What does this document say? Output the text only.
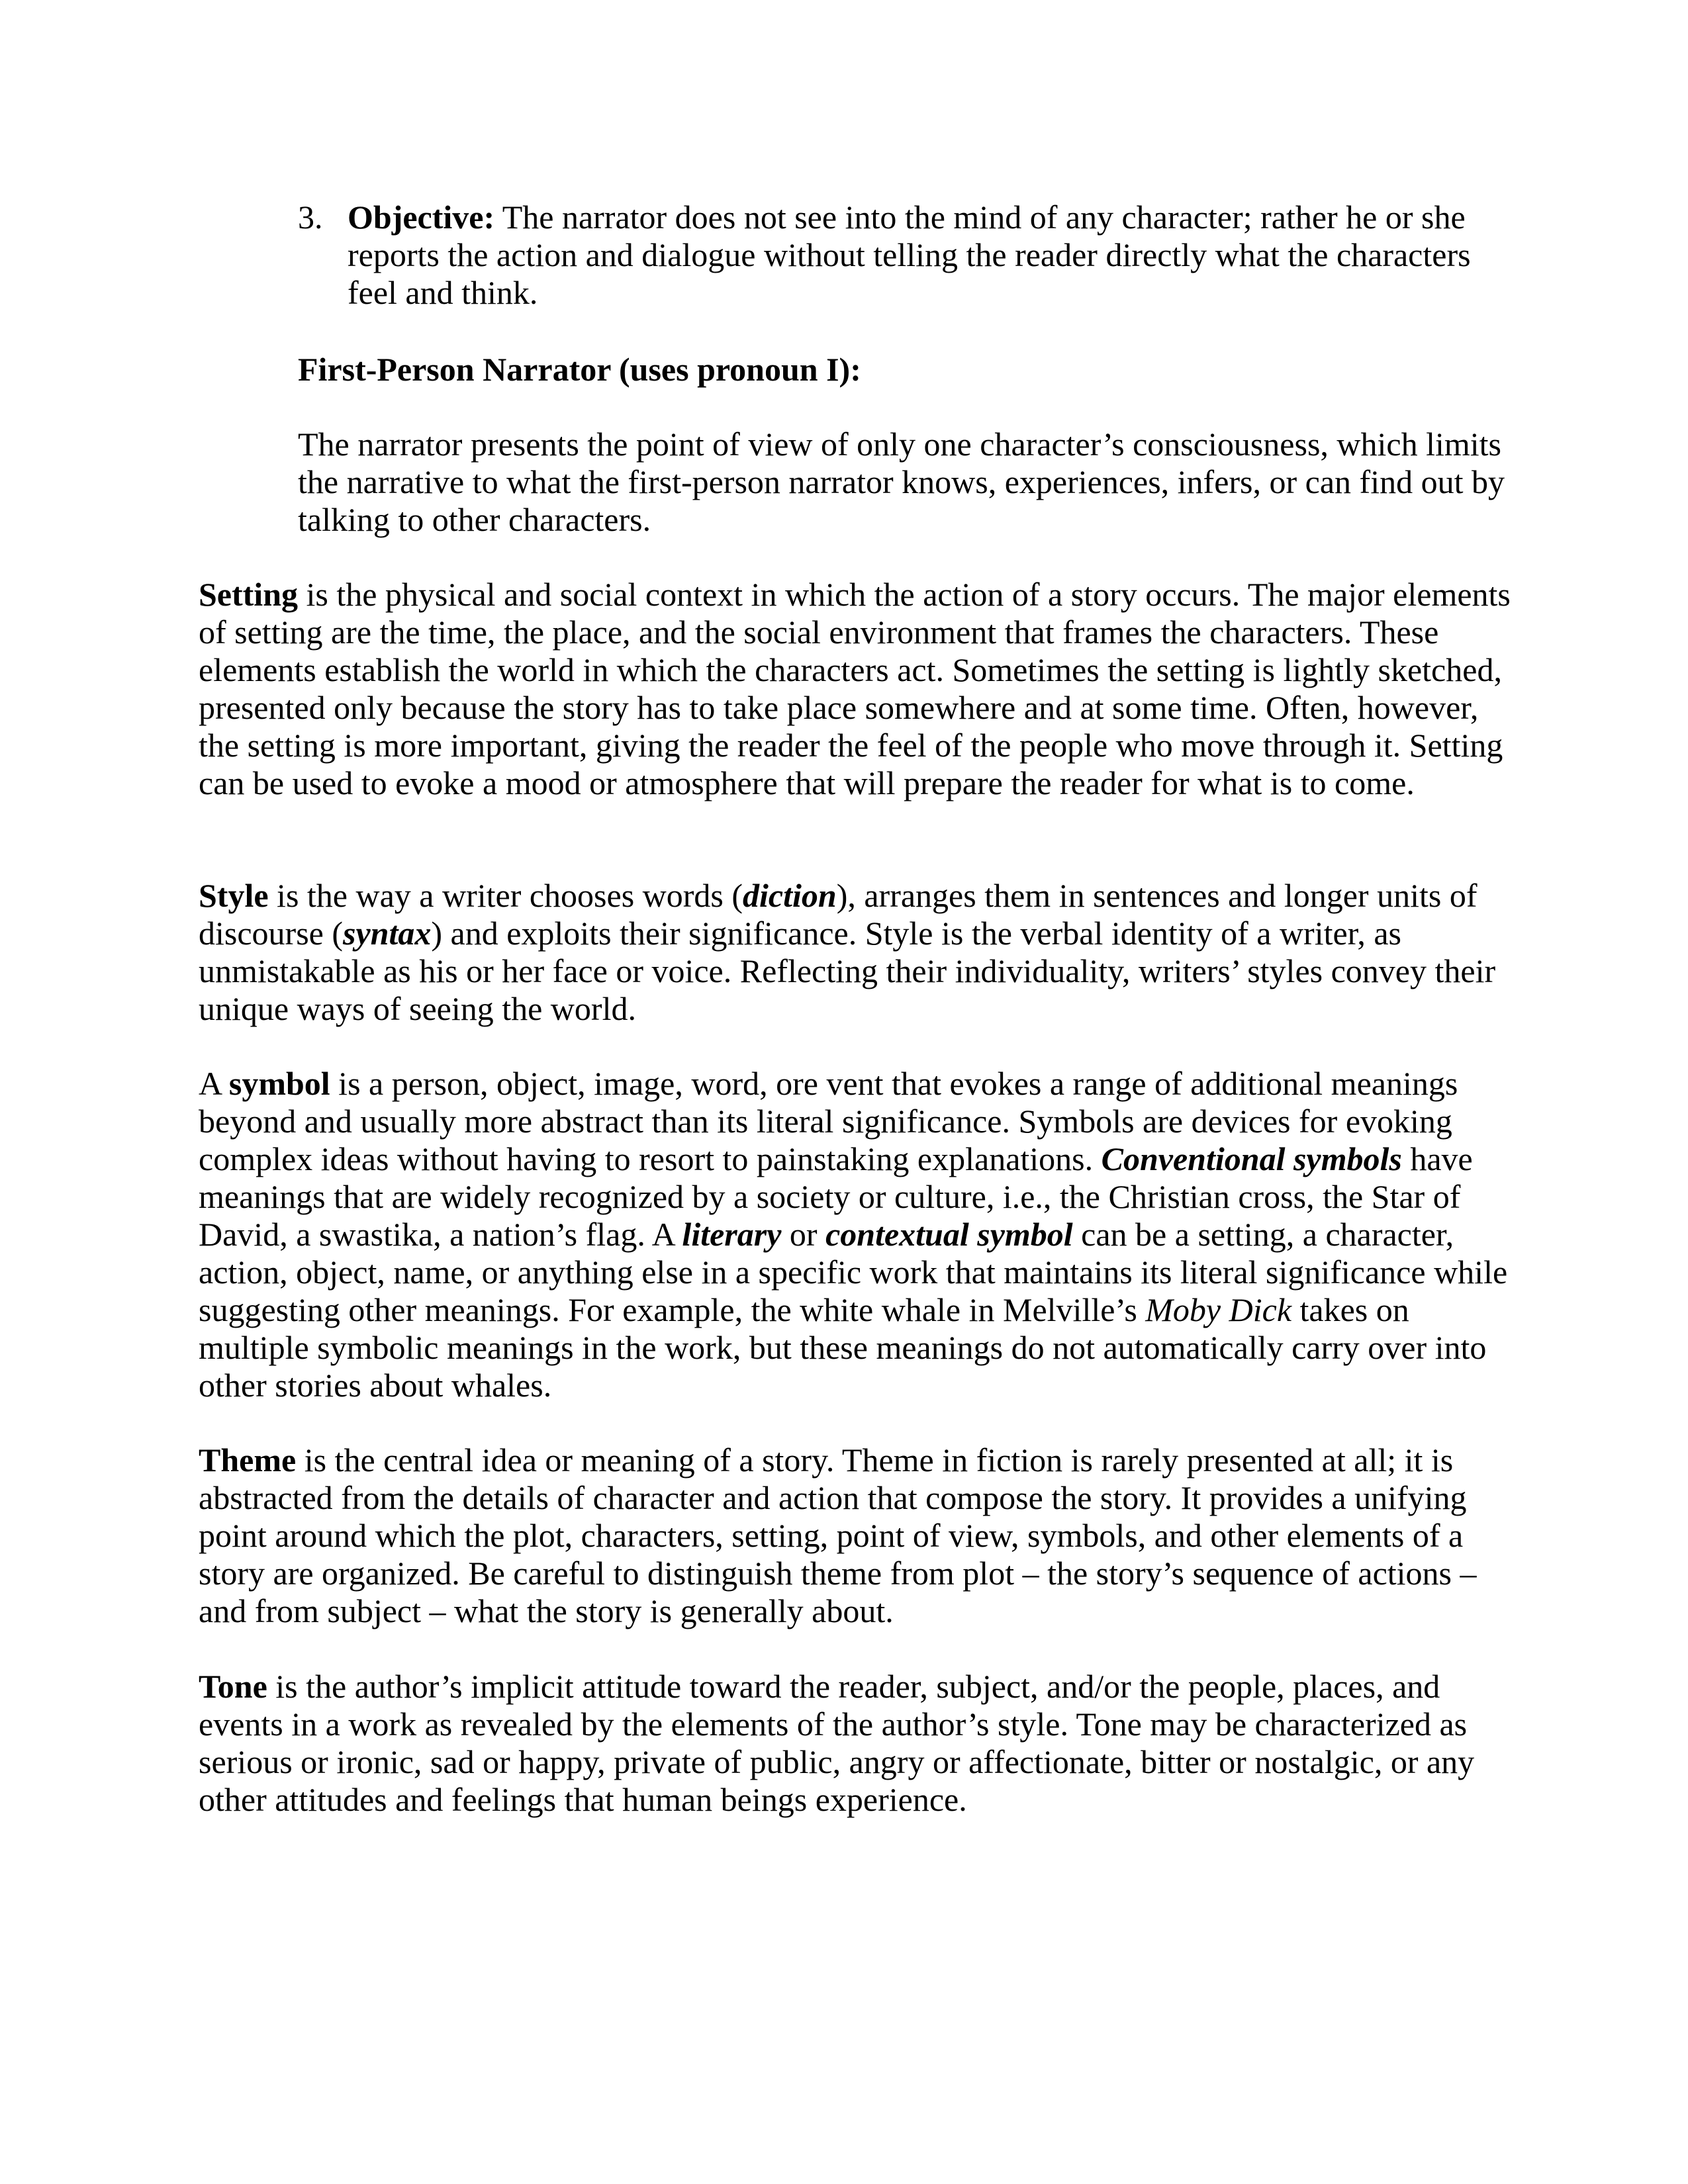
3. Objective: The narrator does not see into the mind of any character; rather he or she reports the action and dialogue without telling the reader directly what the characters feel and think.
First-Person Narrator (uses pronoun I):
The narrator presents the point of view of only one character’s consciousness, which limits the narrative to what the first-person narrator knows, experiences, infers, or can find out by talking to other characters.
Setting is the physical and social context in which the action of a story occurs. The major elements of setting are the time, the place, and the social environment that frames the characters. These elements establish the world in which the characters act. Sometimes the setting is lightly sketched, presented only because the story has to take place somewhere and at some time. Often, however, the setting is more important, giving the reader the feel of the people who move through it. Setting can be used to evoke a mood or atmosphere that will prepare the reader for what is to come.
Style is the way a writer chooses words (diction), arranges them in sentences and longer units of discourse (syntax) and exploits their significance. Style is the verbal identity of a writer, as unmistakable as his or her face or voice. Reflecting their individuality, writers’ styles convey their unique ways of seeing the world.
A symbol is a person, object, image, word, ore vent that evokes a range of additional meanings beyond and usually more abstract than its literal significance. Symbols are devices for evoking complex ideas without having to resort to painstaking explanations. Conventional symbols have meanings that are widely recognized by a society or culture, i.e., the Christian cross, the Star of David, a swastika, a nation’s flag. A literary or contextual symbol can be a setting, a character, action, object, name, or anything else in a specific work that maintains its literal significance while suggesting other meanings. For example, the white whale in Melville’s Moby Dick takes on multiple symbolic meanings in the work, but these meanings do not automatically carry over into other stories about whales.
Theme is the central idea or meaning of a story. Theme in fiction is rarely presented at all; it is abstracted from the details of character and action that compose the story. It provides a unifying point around which the plot, characters, setting, point of view, symbols, and other elements of a story are organized. Be careful to distinguish theme from plot – the story’s sequence of actions – and from subject – what the story is generally about.
Tone is the author’s implicit attitude toward the reader, subject, and/or the people, places, and events in a work as revealed by the elements of the author’s style. Tone may be characterized as serious or ironic, sad or happy, private of public, angry or affectionate, bitter or nostalgic, or any other attitudes and feelings that human beings experience.
